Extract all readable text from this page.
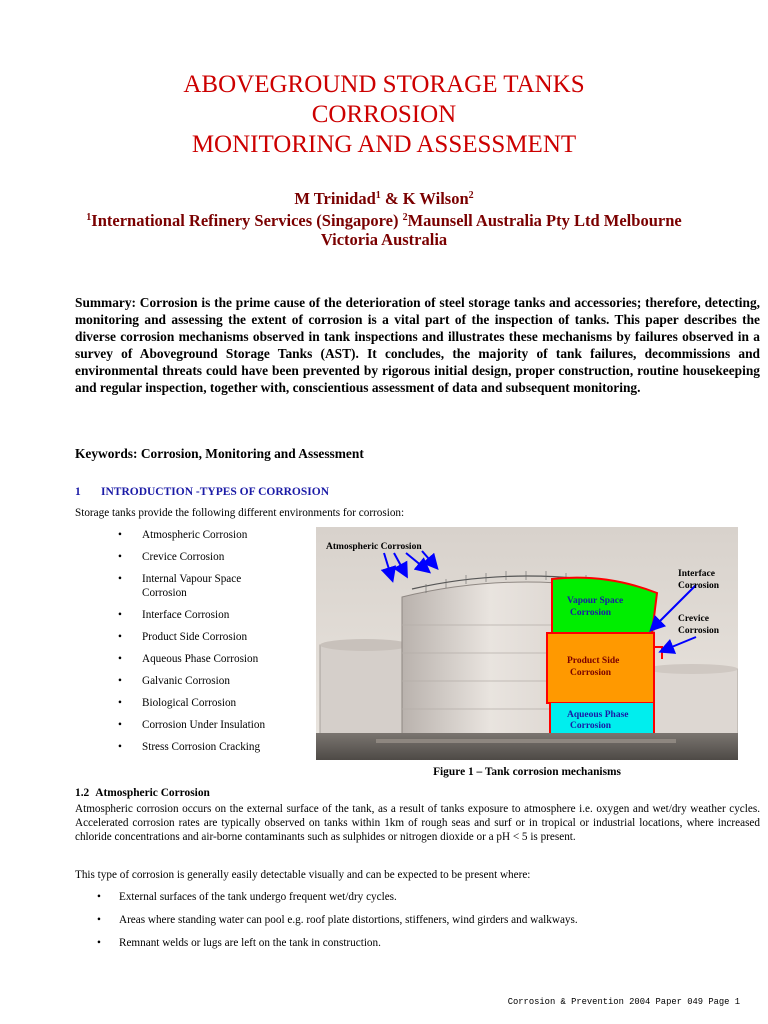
ABOVEGROUND STORAGE TANKS
CORROSION
MONITORING AND ASSESSMENT
M Trinidad$^1$ & K Wilson$^2$
$^1$International Refinery Services (Singapore) $^2$Maunsell Australia Pty Ltd Melbourne
Victoria Australia

Summary: Corrosion is the prime cause of the deterioration of steel storage tanks and accessories; therefore, detecting, monitoring and assessing the extent of corrosion is a vital part of the inspection of tanks. This paper describes the diverse corrosion mechanisms observed in tank inspections and illustrates these mechanisms by failures observed in a survey of Aboveground Storage Tanks (AST). It concludes, the majority of tank failures, decommissions and environmental threats could have been prevented by rigorous initial design, proper construction, routine housekeeping and regular inspection, together with, conscientious assessment of data and subsequent monitoring.

Keywords: Corrosion, Monitoring and Assessment
1 INTRODUCTION -TYPES OF CORROSION
Storage tanks provide the following different environments for corrosion:
• Atmospheric Corrosion
• Crevice Corrosion
• Internal Vapour Space Corrosion
• Interface Corrosion
• Product Side Corrosion
• Aqueous Phase Corrosion
• Galvanic Corrosion
• Biological Corrosion
• Corrosion Under Insulation
• Stress Corrosion Cracking
Atmospheric Corrosion
Interface
Corrosion
Crevice
Corrosion
Vapour Space
Corrosion
Product Side
Corrosion
Aqueous Phase
Corrosion
Figure 1 – Tank corrosion mechanisms
1.2 Atmospheric Corrosion

Atmospheric corrosion occurs on the external surface of the tank, as a result of tanks exposure to atmosphere i.e. oxygen and wet/dry weather cycles. Accelerated corrosion rates are typically observed on tanks within 1km of rough seas and surf or in tropical or industrial locations, where increased chloride concentrations and air-borne contaminants such as sulphides or nitrogen dioxide or a pH < 5 is present.

This type of corrosion is generally easily detectable visually and can be expected to be present where:

• External surfaces of the tank undergo frequent wet/dry cycles.
• Areas where standing water can pool e.g. roof plate distortions, stiffeners, wind girders and walkways.
• Remnant welds or lugs are left on the tank in construction.
Corrosion & Prevention 2004 Paper 049 Page 1
